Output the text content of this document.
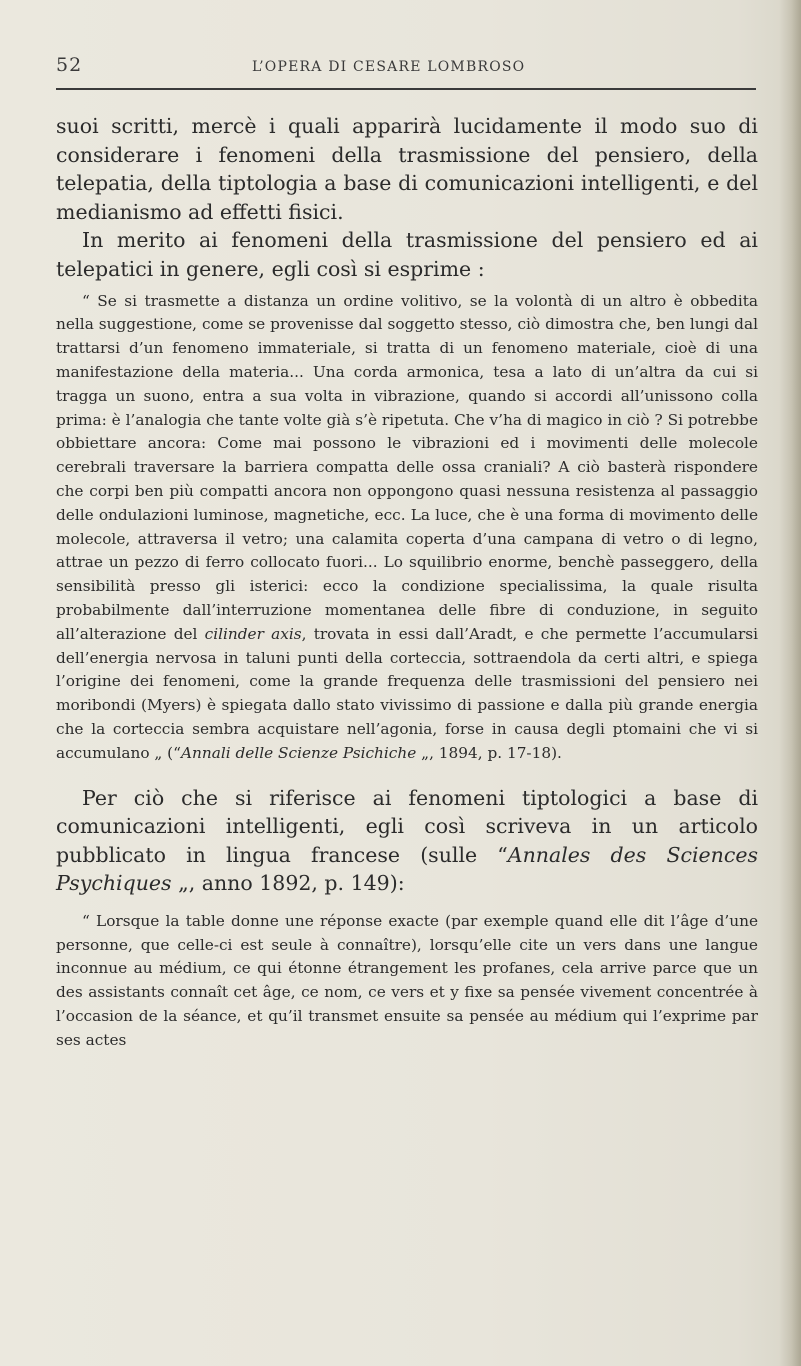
52	L’OPERA DI CESARE LOMBROSO

suoi scritti, mercè i quali apparirà lucidamente il modo suo di considerare i fenomeni della trasmissione del pensiero, della telepatia, della tiptologia a base di comunicazioni intelligenti, e del medianismo ad effetti fisici.

In merito ai fenomeni della trasmissione del pensiero ed ai telepatici in genere, egli così si esprime :

“ Se si trasmette a distanza un ordine volitivo, se la volontà di un altro è obbedita nella suggestione, come se provenisse dal soggetto stesso, ciò dimostra che, ben lungi dal trattarsi d’un fenomeno immateriale, si tratta di un fenomeno materiale, cioè di una manifestazione della materia... Una corda armonica, tesa a lato di un’altra da cui si tragga un suono, entra a sua volta in vibrazione, quando si accordi all’unissono colla prima: è l’analogia che tante volte già s’è ripetuta. Che v’ha di magico in ciò ? Si potrebbe obbiettare ancora: Come mai possono le vibrazioni ed i movimenti delle molecole cerebrali traversare la barriera compatta delle ossa craniali? A ciò basterà rispondere che corpi ben più compatti ancora non oppongono quasi nessuna resistenza al passaggio delle ondulazioni luminose, magnetiche, ecc. La luce, che è una forma di movimento delle molecole, attraversa il vetro; una calamita coperta d’una campana di vetro o di legno, attrae un pezzo di ferro collocato fuori... Lo squilibrio enorme, benchè passeggero, della sensibilità presso gli isterici: ecco la condizione specialissima, la quale risulta probabilmente dall’interruzione momentanea delle fibre di conduzione, in seguito all’alterazione del cilinder axis, trovata in essi dall’Aradt, e che permette l’accumularsi dell’energia nervosa in taluni punti della corteccia, sottraendola da certi altri, e spiega l’origine dei fenomeni, come la grande frequenza delle trasmissioni del pensiero nei moribondi (Myers) è spiegata dallo stato vivissimo di passione e dalla più grande energia che la corteccia sembra acquistare nell’agonia, forse in causa degli ptomaini che vi si accumulano „ (“Annali delle Scienze Psichiche „, 1894, p. 17-18).

Per ciò che si riferisce ai fenomeni tiptologici a base di comunicazioni intelligenti, egli così scriveva in un articolo pubblicato in lingua francese (sulle “Annales des Sciences Psychiques „, anno 1892, p. 149):

“ Lorsque la table donne une réponse exacte (par exemple quand elle dit l’âge d’une personne, que celle-ci est seule à connaître), lorsqu’elle cite un vers dans une langue inconnue au médium, ce qui étonne étrangement les profanes, cela arrive parce que un des assistants connaît cet âge, ce nom, ce vers et y fixe sa pensée vivement concentrée à l’occasion de la séance, et qu’il transmet ensuite sa pensée au médium qui l’exprime par ses actes
